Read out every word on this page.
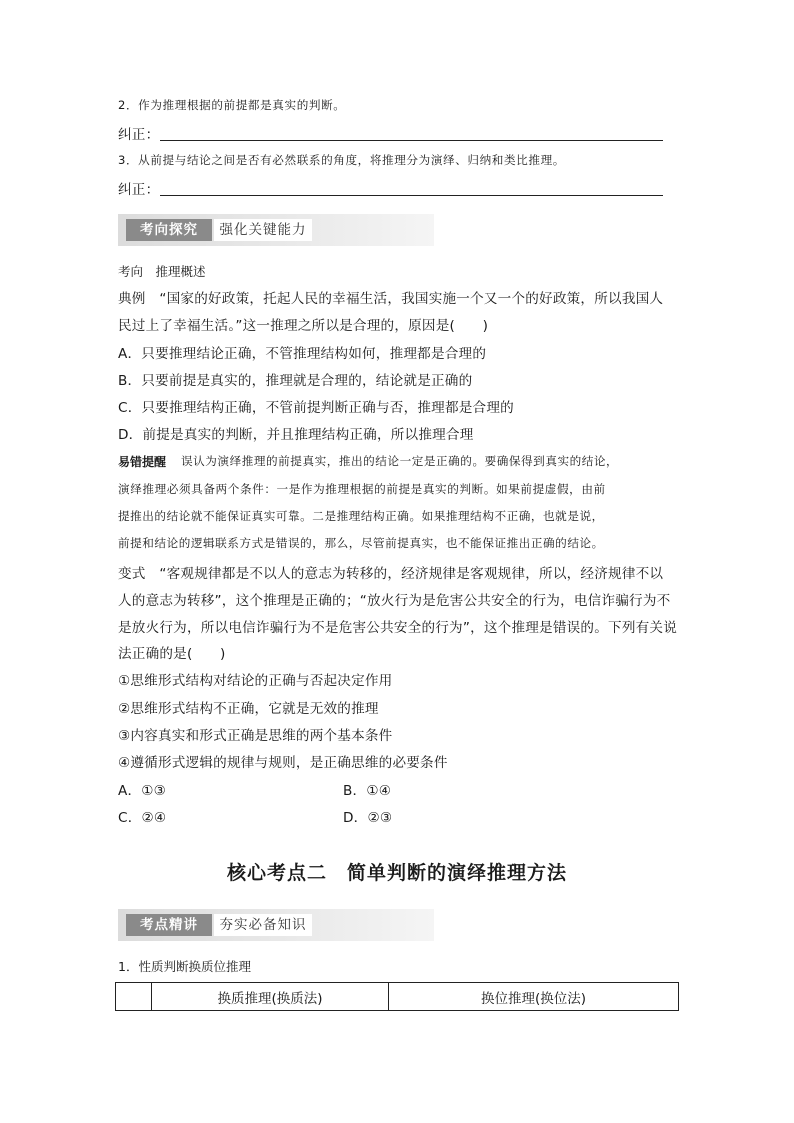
2．作为推理根据的前提都是真实的判断。
纠正：
3．从前提与结论之间是否有必然联系的角度，将推理分为演绎、归纳和类比推理。
纠正：
考向探究	强化关键能力
考向　推理概述
典例　“国家的好政策，托起人民的幸福生活，我国实施一个又一个的好政策，所以我国人
民过上了幸福生活。”这一推理之所以是合理的，原因是(　　)
A．只要推理结论正确，不管推理结构如何，推理都是合理的
B．只要前提是真实的，推理就是合理的，结论就是正确的
C．只要推理结构正确，不管前提判断正确与否，推理都是合理的
D．前提是真实的判断，并且推理结构正确，所以推理合理
易错提醒 误认为演绎推理的前提真实，推出的结论一定是正确的。要确保得到真实的结论，
演绎推理必须具备两个条件：一是作为推理根据的前提是真实的判断。如果前提虚假，由前
提推出的结论就不能保证真实可靠。二是推理结构正确。如果推理结构不正确，也就是说，
前提和结论的逻辑联系方式是错误的，那么，尽管前提真实，也不能保证推出正确的结论。
变式　“客观规律都是不以人的意志为转移的，经济规律是客观规律，所以，经济规律不以
人的意志为转移”，这个推理是正确的；“放火行为是危害公共安全的行为，电信诈骗行为不
是放火行为，所以电信诈骗行为不是危害公共安全的行为”，这个推理是错误的。下列有关说
法正确的是(　　)
①思维形式结构对结论的正确与否起决定作用
②思维形式结构不正确，它就是无效的推理
③内容真实和形式正确是思维的两个基本条件
④遵循形式逻辑的规律与规则，是正确思维的必要条件
A．①③	B．①④
C．②④	D．②③
核心考点二　简单判断的演绎推理方法
考点精讲	夯实必备知识
1．性质判断换质位推理
	换质推理(换质法)	换位推理(换位法)
